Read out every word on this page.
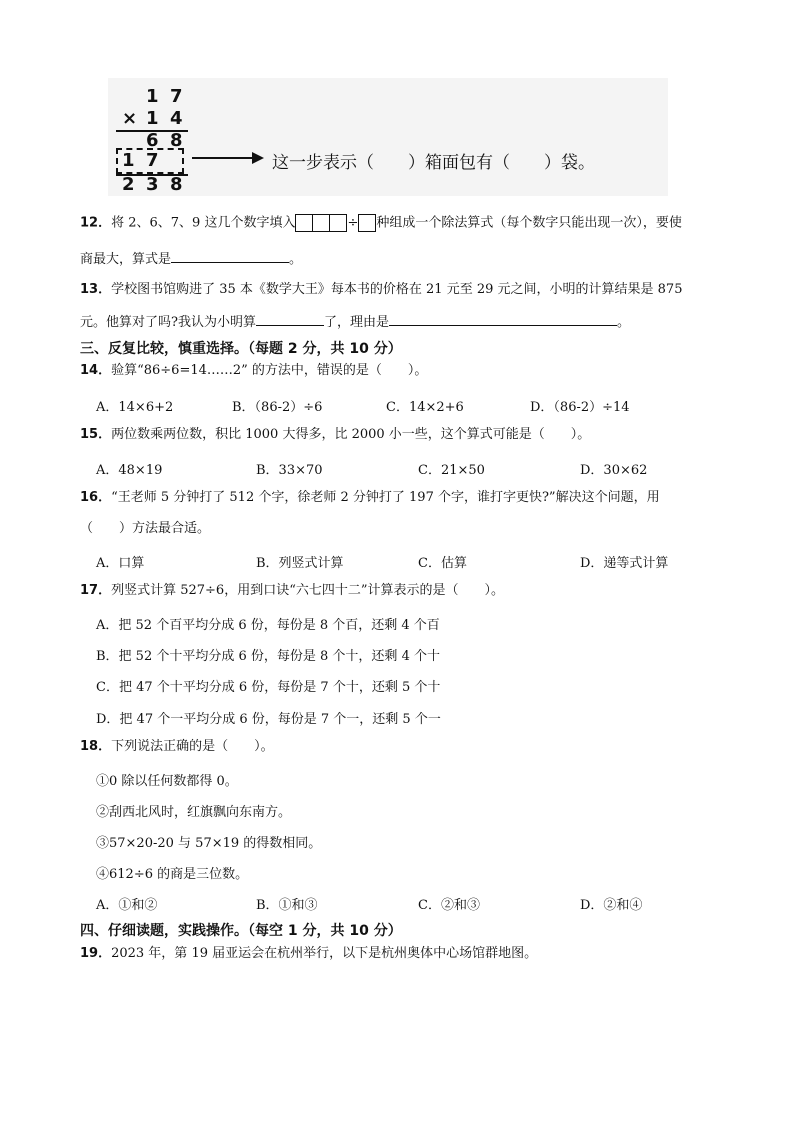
1 7
× 1 4
6 8
1 7
2 3 8
这一步表示（　　）箱面包有（　　）袋。
12．将 2、6、7、9 这几个数字填入	÷ 种组成一个除法算式（每个数字只能出现一次），要使
商最大，算式是	。
13．学校图书馆购进了 35 本《数学大王》每本书的价格在 21 元至 29 元之间，小明的计算结果是 875
元。他算对了吗?我认为小明算	了，理由是	。
三、反复比较，慎重选择。（每题 2 分，共 10 分）
14．验算“86÷6=14……2” 的方法中，错误的是（　　）。
A．14×6+2	B．（86-2）÷6	C．14×2+6	D．（86-2）÷14
15．两位数乘两位数，积比 1000 大得多，比 2000 小一些，这个算式可能是（　　）。
A．48×19	B．33×70	C．21×50	D．30×62
16．“王老师 5 分钟打了 512 个字，徐老师 2 分钟打了 197 个字，谁打字更快?”解决这个问题，用
（　　）方法最合适。
A．口算	B．列竖式计算	C．估算	D．递等式计算
17．列竖式计算 527÷6，用到口诀“六七四十二”计算表示的是（　　）。
A．把 52 个百平均分成 6 份，每份是 8 个百，还剩 4 个百
B．把 52 个十平均分成 6 份，每份是 8 个十，还剩 4 个十
C．把 47 个十平均分成 6 份，每份是 7 个十，还剩 5 个十
D．把 47 个一平均分成 6 份，每份是 7 个一，还剩 5 个一
18．下列说法正确的是（　　）。
①0 除以任何数都得 0。
②刮西北风时，红旗飘向东南方。
③57×20-20 与 57×19 的得数相同。
④612÷6 的商是三位数。
A．①和②	B．①和③	C．②和③	D．②和④
四、仔细读题，实践操作。（每空 1 分，共 10 分）
19．2023 年，第 19 届亚运会在杭州举行，以下是杭州奥体中心场馆群地图。
